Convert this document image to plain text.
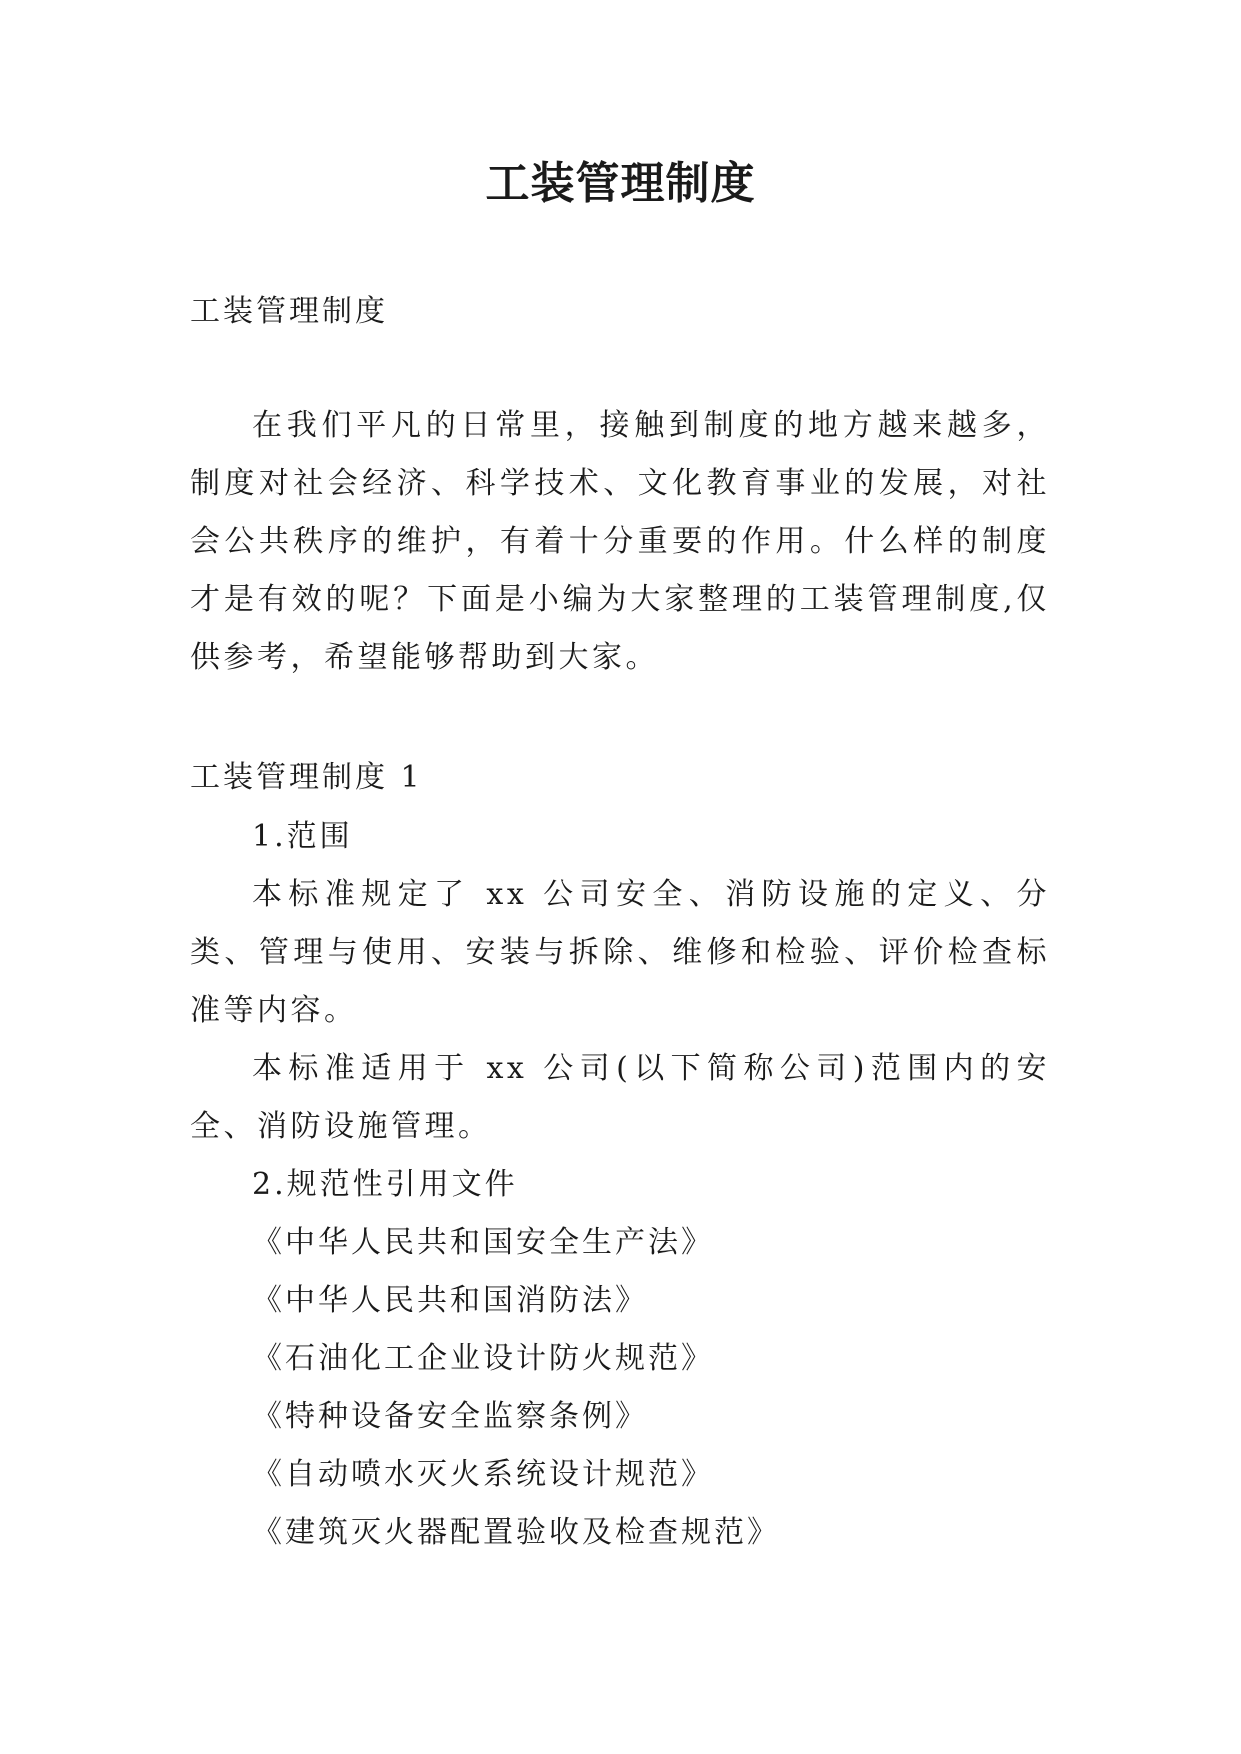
工装管理制度
工装管理制度
在我们平凡的日常里，接触到制度的地方越来越多，制度对社会经济、科学技术、文化教育事业的发展，对社会公共秩序的维护，有着十分重要的作用。什么样的制度才是有效的呢？下面是小编为大家整理的工装管理制度,仅供参考，希望能够帮助到大家。
工装管理制度 1
1.范围
本标准规定了 xx 公司安全、消防设施的定义、分类、管理与使用、安装与拆除、维修和检验、评价检查标准等内容。
本标准适用于 xx 公司(以下简称公司)范围内的安全、消防设施管理。
2.规范性引用文件
《中华人民共和国安全生产法》
《中华人民共和国消防法》
《石油化工企业设计防火规范》
《特种设备安全监察条例》
《自动喷水灭火系统设计规范》
《建筑灭火器配置验收及检查规范》
